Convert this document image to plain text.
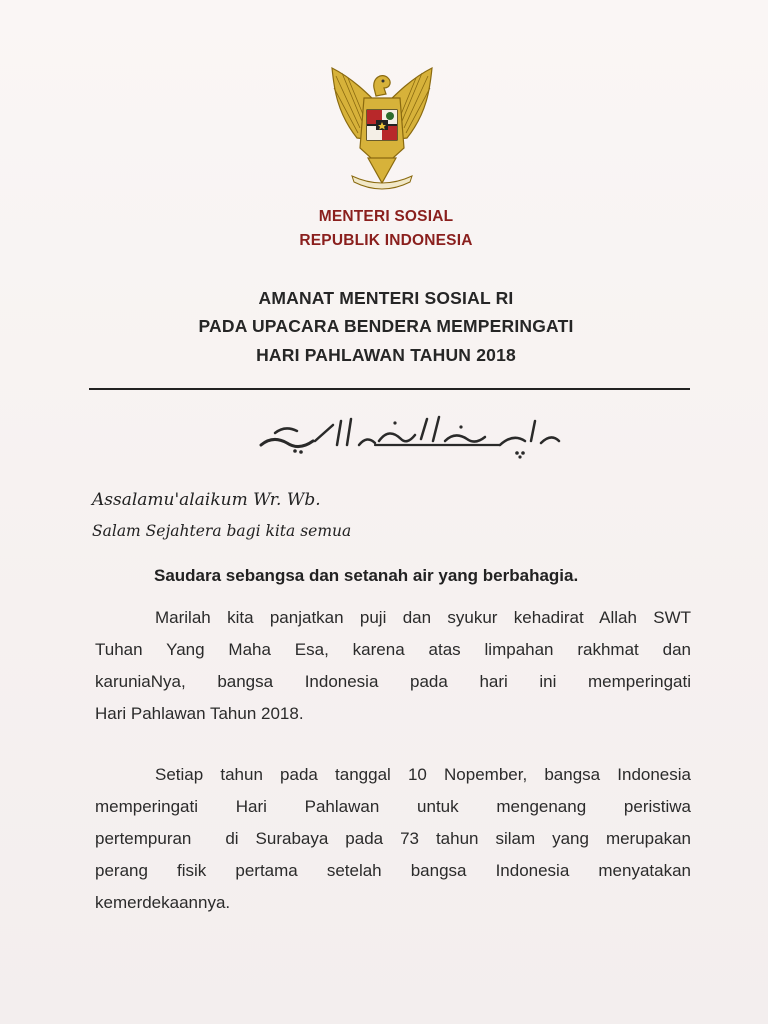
MENTERI SOSIAL
REPUBLIK INDONESIA
AMANAT MENTERI SOSIAL RI
PADA UPACARA BENDERA MEMPERINGATI
HARI PAHLAWAN TAHUN 2018
Assalamu'alaikum Wr. Wb.
Salam Sejahtera bagi kita semua
Saudara sebangsa dan setanah air yang berbahagia.
Marilah kita panjatkan puji dan syukur kehadirat Allah SWT
Tuhan Yang Maha Esa, karena atas limpahan rakhmat dan
karuniaNya, bangsa Indonesia pada hari ini memperingati
Hari Pahlawan Tahun 2018.
Setiap tahun pada tanggal 10 Nopember, bangsa Indonesia
memperingati Hari Pahlawan untuk mengenang peristiwa
pertempuran  di Surabaya pada 73 tahun silam yang merupakan
perang fisik pertama setelah bangsa Indonesia menyatakan
kemerdekaannya.
